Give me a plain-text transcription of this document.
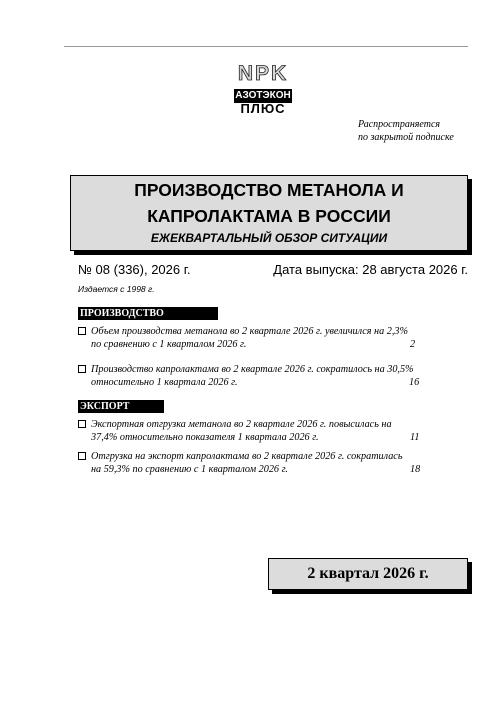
NPK
АЗОТЭКОН
ПЛЮС
Распространяется
по закрытой подписке
ПРОИЗВОДСТВО МЕТАНОЛА И
КАПРОЛАКТАМА В РОССИИ
ЕЖЕКВАРТАЛЬНЫЙ ОБЗОР СИТУАЦИИ
№ 08 (336), 2026 г.	Дата выпуска: 28 августа 2026 г.
Издается с 1998 г.
ПРОИЗВОДСТВО
Объем производства метанола во 2 квартале 2026 г. увеличился на 2,3%
по сравнению с 1 кварталом 2026 г.	2
Производство капролактама во 2 квартале 2026 г. сократилось на 30,5%
относительно 1 квартала 2026 г.	16
ЭКСПОРТ
Экспортная отгрузка метанола во 2 квартале 2026 г. повысилась на
37,4% относительно показателя 1 квартала 2026 г.	11
Отгрузка на экспорт капролактама во 2 квартале 2026 г. сократилась
на 59,3% по сравнению с 1 кварталом 2026 г.	18
2 квартал 2026 г.
